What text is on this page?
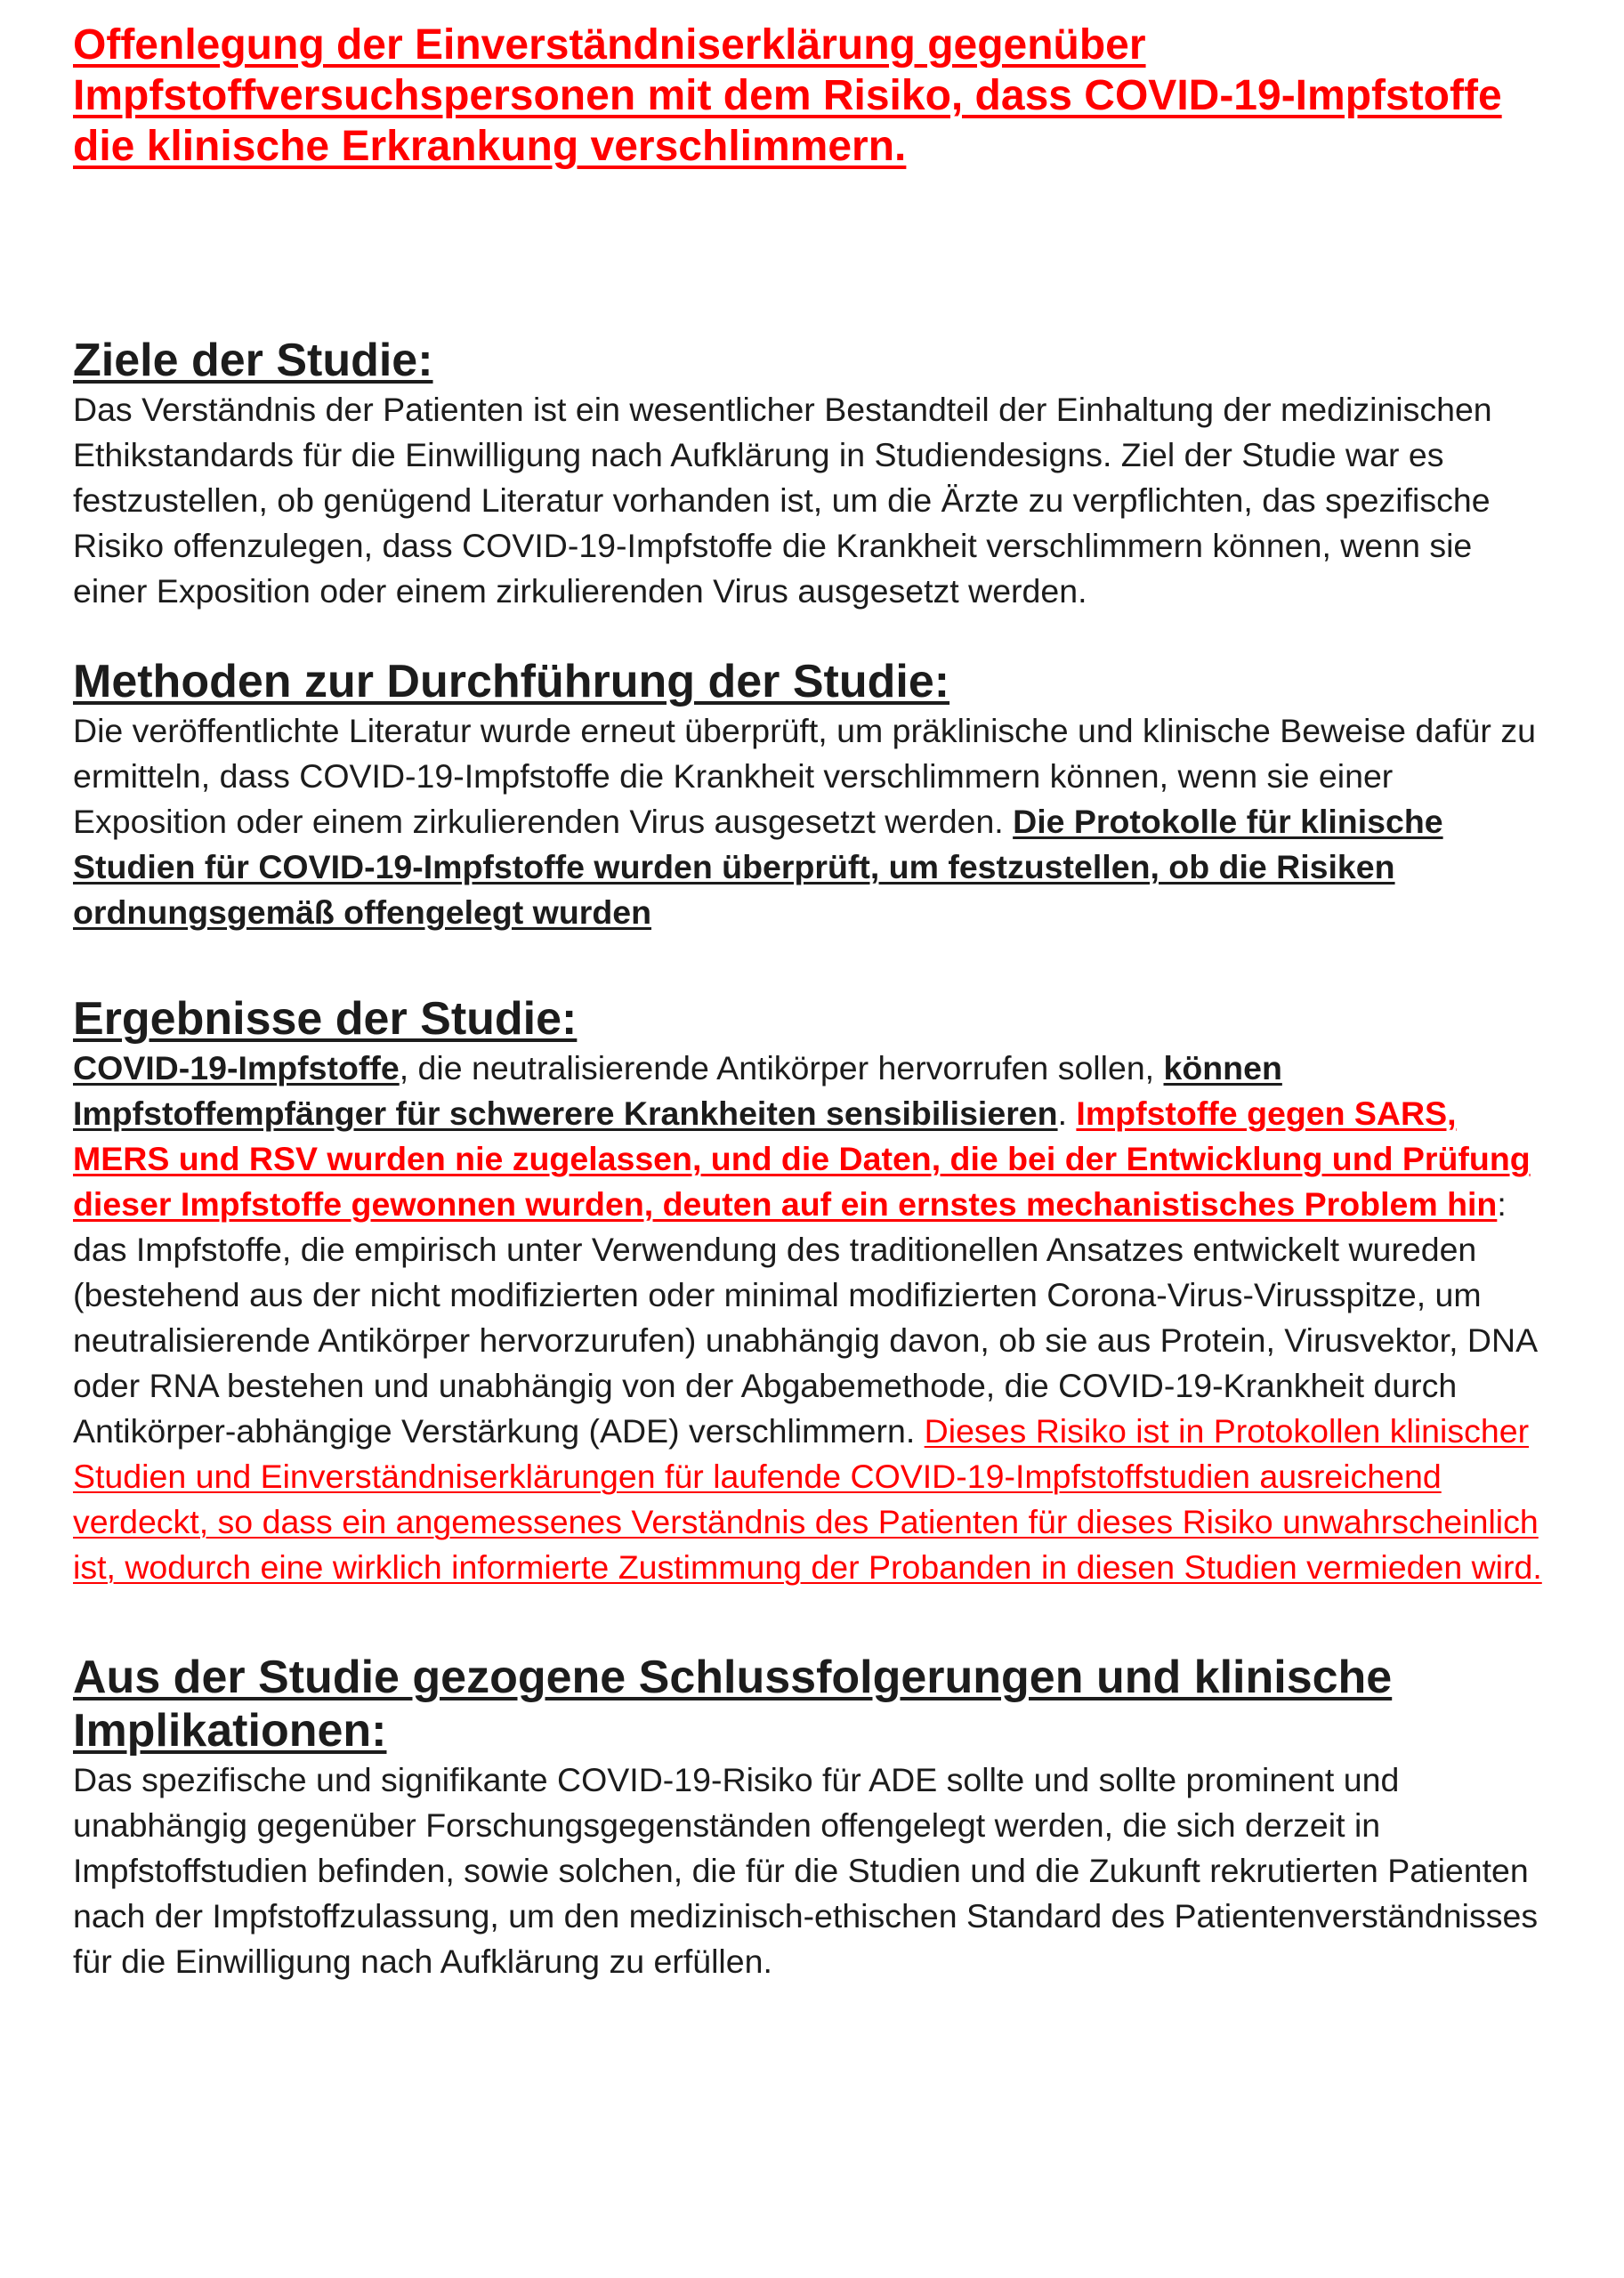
Offenlegung der Einverständniserklärung gegenüber Impfstoffversuchspersonen mit dem Risiko, dass COVID-19-Impfstoffe die klinische Erkrankung verschlimmern.
Ziele der Studie:

Das Verständnis der Patienten ist ein wesentlicher Bestandteil der Einhaltung der medizinischen Ethikstandards für die Einwilligung nach Aufklärung in Studiendesigns. Ziel der Studie war es festzustellen, ob genügend Literatur vorhanden ist, um die Ärzte zu verpflichten, das spezifische Risiko offenzulegen, dass COVID-19-Impfstoffe die Krankheit verschlimmern können, wenn sie einer Exposition oder einem zirkulierenden Virus ausgesetzt werden.

Methoden zur Durchführung der Studie:

Die veröffentlichte Literatur wurde erneut überprüft, um präklinische und klinische Beweise dafür zu ermitteln, dass COVID-19-Impfstoffe die Krankheit verschlimmern können, wenn sie einer Exposition oder einem zirkulierenden Virus ausgesetzt werden. Die Protokolle für klinische Studien für COVID-19-Impfstoffe wurden überprüft, um festzustellen, ob die Risiken ordnungsgemäß offengelegt wurden

Ergebnisse der Studie:

COVID-19-Impfstoffe, die neutralisierende Antikörper hervorrufen sollen, können Impfstoffempfänger für schwerere Krankheiten sensibilisieren. Impfstoffe gegen SARS, MERS und RSV wurden nie zugelassen, und die Daten, die bei der Entwicklung und Prüfung dieser Impfstoffe gewonnen wurden, deuten auf ein ernstes mechanistisches Problem hin: das Impfstoffe, die empirisch unter Verwendung des traditionellen Ansatzes entwickelt wureden (bestehend aus der nicht modifizierten oder minimal modifizierten Corona-Virus-Virusspitze, um neutralisierende Antikörper hervorzurufen) unabhängig davon, ob sie aus Protein, Virusvektor, DNA oder RNA bestehen und unabhängig von der Abgabemethode, die COVID-19-Krankheit durch Antikörper-abhängige Verstärkung (ADE) verschlimmern. Dieses Risiko ist in Protokollen klinischer Studien und Einverständniserklärungen für laufende COVID-19-Impfstoffstudien ausreichend verdeckt, so dass ein angemessenes Verständnis des Patienten für dieses Risiko unwahrscheinlich ist, wodurch eine wirklich informierte Zustimmung der Probanden in diesen Studien vermieden wird.

Aus der Studie gezogene Schlussfolgerungen und klinische Implikationen:

Das spezifische und signifikante COVID-19-Risiko für ADE sollte und sollte prominent und unabhängig gegenüber Forschungsgegenständen offengelegt werden, die sich derzeit in Impfstoffstudien befinden, sowie solchen, die für die Studien und die Zukunft rekrutierten Patienten nach der Impfstoffzulassung, um den medizinisch-ethischen Standard des Patientenverständnisses für die Einwilligung nach Aufklärung zu erfüllen.
